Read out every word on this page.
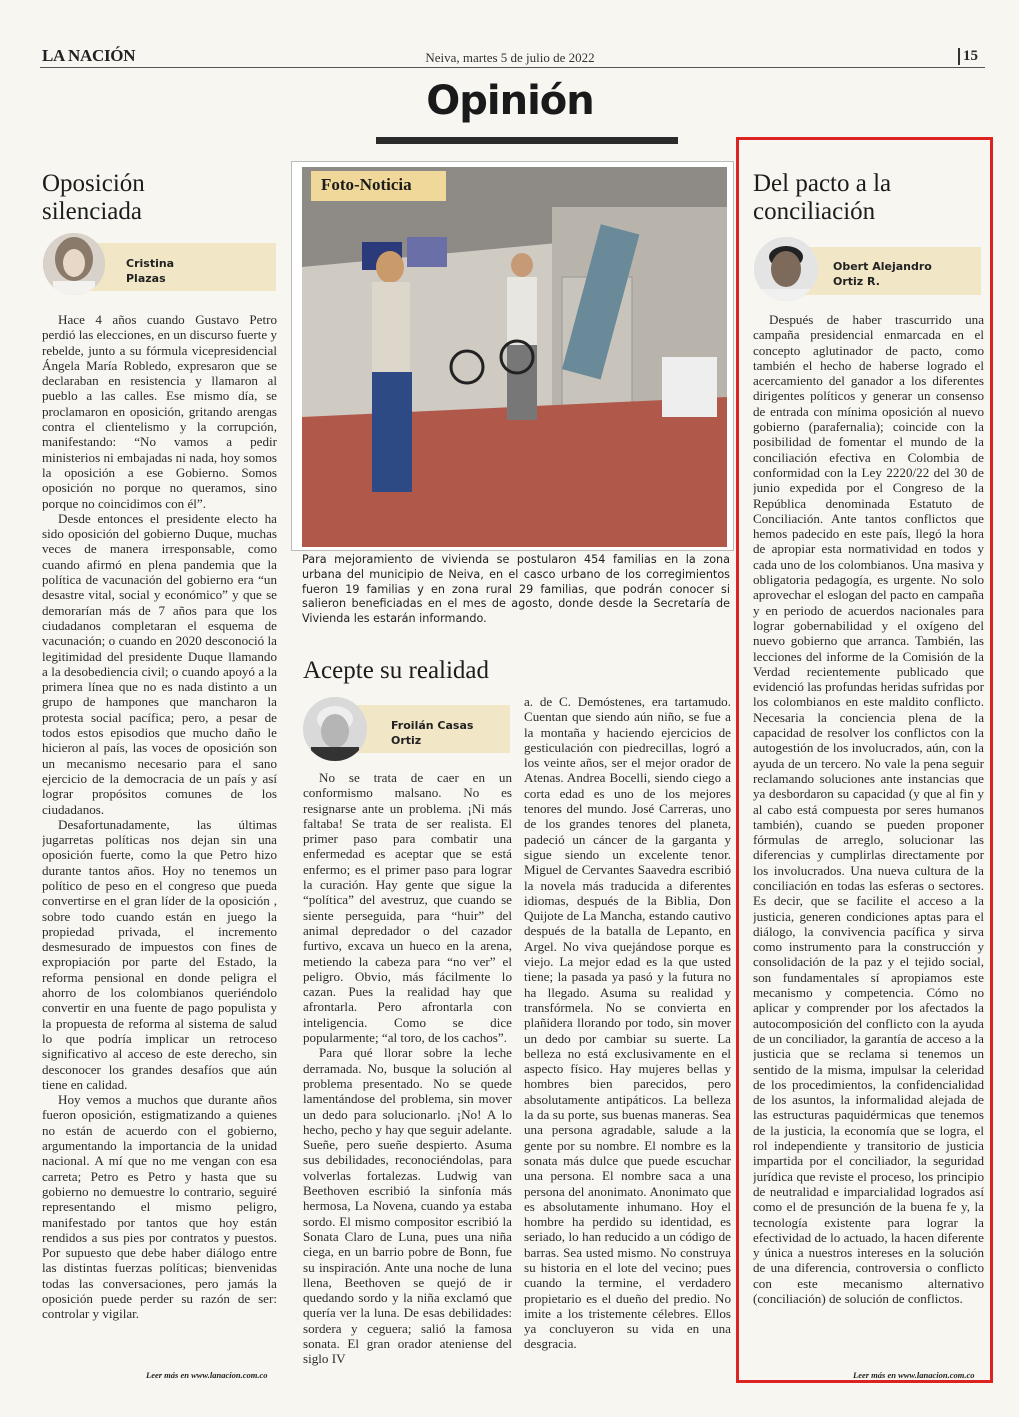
LA NACIÓN	Neiva, martes 5 de julio de 2022	15
Opinión
Oposición
silenciada
Cristina
Plazas

Hace 4 años cuando Gustavo Petro perdió las elecciones, en un discurso fuerte y rebelde, junto a su fórmula vicepresidencial Ángela María Robledo, expresaron que se declaraban en resistencia y llamaron al pueblo a las calles. Ese mismo día, se proclamaron en oposición, gritando arengas contra el clientelismo y la corrupción, manifestando: “No vamos a pedir ministerios ni embajadas ni nada, hoy somos la oposición a ese Gobierno. Somos oposición no porque no queramos, sino porque no coincidimos con él”.

Desde entonces el presidente electo ha sido oposición del gobierno Duque, muchas veces de manera irresponsable, como cuando afirmó en plena pandemia que la política de vacunación del gobierno era “un desastre vital, social y económico” y que se demorarían más de 7 años para que los ciudadanos completaran el esquema de vacunación; o cuando en 2020 desconoció la legitimidad del presidente Duque llamando a la desobediencia civil; o cuando apoyó a la primera línea que no es nada distinto a un grupo de hampones que mancharon la protesta social pacífica; pero, a pesar de todos estos episodios que mucho daño le hicieron al país, las voces de oposición son un mecanismo necesario para el sano ejercicio de la democracia de un país y así lograr propósitos comunes de los ciudadanos.

Desafortunadamente, las últimas jugarretas políticas nos dejan sin una oposición fuerte, como la que Petro hizo durante tantos años. Hoy no tenemos un político de peso en el congreso que pueda convertirse en el gran líder de la oposición , sobre todo cuando están en juego la propiedad privada, el incremento desmesurado de impuestos con fines de expropiación por parte del Estado, la reforma pensional en donde peligra el ahorro de los colombianos queriéndolo convertir en una fuente de pago populista y la propuesta de reforma al sistema de salud lo que podría implicar un retroceso significativo al acceso de este derecho, sin desconocer los grandes desafíos que aún tiene en calidad.

Hoy vemos a muchos que durante años fueron oposición, estigmatizando a quienes no están de acuerdo con el gobierno, argumentando la importancia de la unidad nacional. A mí que no me vengan con esa carreta; Petro es Petro y hasta que su gobierno no demuestre lo contrario, seguiré representando el mismo peligro, manifestado por tantos que hoy están rendidos a sus pies por contratos y puestos. Por supuesto que debe haber diálogo entre las distintas fuerzas políticas; bienvenidas todas las conversaciones, pero jamás la oposición puede perder su razón de ser: controlar y vigilar.

Leer más en www.lanacion.com.co
Foto-Noticia
Para mejoramiento de vivienda se postularon 454 familias en la zona urbana del municipio de Neiva, en el casco urbano de los corregimientos fueron 19 familias y en zona rural 29 familias, que podrán conocer si salieron beneficiadas en el mes de agosto, donde desde la Secretaría de Vivienda les estarán informando.
Acepte su realidad
Froilán Casas
Ortiz

No se trata de caer en un conformismo malsano. No es resignarse ante un problema. ¡Ni más faltaba! Se trata de ser realista. El primer paso para combatir una enfermedad es aceptar que se está enfermo; es el primer paso para lograr la curación. Hay gente que sigue la “política” del avestruz, que cuando se siente perseguida, para “huir” del animal depredador o del cazador furtivo, excava un hueco en la arena, metiendo la cabeza para “no ver” el peligro. Obvio, más fácilmente lo cazan. Pues la realidad hay que afrontarla. Pero afrontarla con inteligencia. Como se dice popularmente; “al toro, de los cachos”.

Para qué llorar sobre la leche derramada. No, busque la solución al problema presentado. No se quede lamentándose del problema, sin mover un dedo para solucionarlo. ¡No! A lo hecho, pecho y hay que seguir adelante. Sueñe, pero sueñe despierto. Asuma sus debilidades, reconociéndolas, para volverlas fortalezas. Ludwig van Beethoven escribió la sinfonía más hermosa, La Novena, cuando ya estaba sordo. El mismo compositor escribió la Sonata Claro de Luna, pues una niña ciega, en un barrio pobre de Bonn, fue su inspiración. Ante una noche de luna llena, Beethoven se quejó de ir quedando sordo y la niña exclamó que quería ver la luna. De esas debilidades: sordera y ceguera; salió la famosa sonata. El gran orador ateniense del siglo IV

a. de C. Demóstenes, era tartamudo. Cuentan que siendo aún niño, se fue a la montaña y haciendo ejercicios de gesticulación con piedrecillas, logró a los veinte años, ser el mejor orador de Atenas. Andrea Bocelli, siendo ciego a corta edad es uno de los mejores tenores del mundo. José Carreras, uno de los grandes tenores del planeta, padeció un cáncer de la garganta y sigue siendo un excelente tenor. Miguel de Cervantes Saavedra escribió la novela más traducida a diferentes idiomas, después de la Biblia, Don Quijote de La Mancha, estando cautivo después de la batalla de Lepanto, en Argel. No viva quejándose porque es viejo. La mejor edad es la que usted tiene; la pasada ya pasó y la futura no ha llegado. Asuma su realidad y transfórmela. No se convierta en plañidera llorando por todo, sin mover un dedo por cambiar su suerte. La belleza no está exclusivamente en el aspecto físico. Hay mujeres bellas y hombres bien parecidos, pero absolutamente antipáticos. La belleza la da su porte, sus buenas maneras. Sea una persona agradable, salude a la gente por su nombre. El nombre es la sonata más dulce que puede escuchar una persona. El nombre saca a una persona del anonimato. Anonimato que es absolutamente inhumano. Hoy el hombre ha perdido su identidad, es seriado, lo han reducido a un código de barras. Sea usted mismo. No construya su historia en el lote del vecino; pues cuando la termine, el verdadero propietario es el dueño del predio. No imite a los tristemente célebres. Ellos ya concluyeron su vida en una desgracia.

Del pacto a la
conciliación
Obert Alejandro
Ortiz R.

Después de haber trascurrido una campaña presidencial enmarcada en el concepto aglutinador de pacto, como también el hecho de haberse logrado el acercamiento del ganador a los diferentes dirigentes políticos y generar un consenso de entrada con mínima oposición al nuevo gobierno (parafernalia); coincide con la posibilidad de fomentar el mundo de la conciliación efectiva en Colombia de conformidad con la Ley 2220/22 del 30 de junio expedida por el Congreso de la República denominada Estatuto de Conciliación. Ante tantos conflictos que hemos padecido en este país, llegó la hora de apropiar esta normatividad en todos y cada uno de los colombianos. Una masiva y obligatoria pedagogía, es urgente. No solo aprovechar el eslogan del pacto en campaña y en periodo de acuerdos nacionales para lograr gobernabilidad y el oxígeno del nuevo gobierno que arranca. También, las lecciones del informe de la Comisión de la Verdad recientemente publicado que evidenció las profundas heridas sufridas por los colombianos en este maldito conflicto. Necesaria la conciencia plena de la capacidad de resolver los conflictos con la autogestión de los involucrados, aún, con la ayuda de un tercero. No vale la pena seguir reclamando soluciones ante instancias que ya desbordaron su capacidad (y que al fin y al cabo está compuesta por seres humanos también), cuando se pueden proponer fórmulas de arreglo, solucionar las diferencias y cumplirlas directamente por los involucrados. Una nueva cultura de la conciliación en todas las esferas o sectores. Es decir, que se facilite el acceso a la justicia, generen condiciones aptas para el diálogo, la convivencia pacífica y sirva como instrumento para la construcción y consolidación de la paz y el tejido social, son fundamentales sí apropiamos este mecanismo y competencia. Cómo no aplicar y comprender por los afectados la autocomposición del conflicto con la ayuda de un conciliador, la garantía de acceso a la justicia que se reclama si tenemos un sentido de la misma, impulsar la celeridad de los procedimientos, la confidencialidad de los asuntos, la informalidad alejada de las estructuras paquidérmicas que tenemos de la justicia, la economía que se logra, el rol independiente y transitorio de justicia impartida por el conciliador, la seguridad jurídica que reviste el proceso, los principio de neutralidad e imparcialidad logrados así como el de presunción de la buena fe y, la tecnología existente para lograr la efectividad de lo actuado, la hacen diferente y única a nuestros intereses en la solución de una diferencia, controversia o conflicto con este mecanismo alternativo (conciliación) de solución de conflictos.

Leer más en www.lanacion.com.co
